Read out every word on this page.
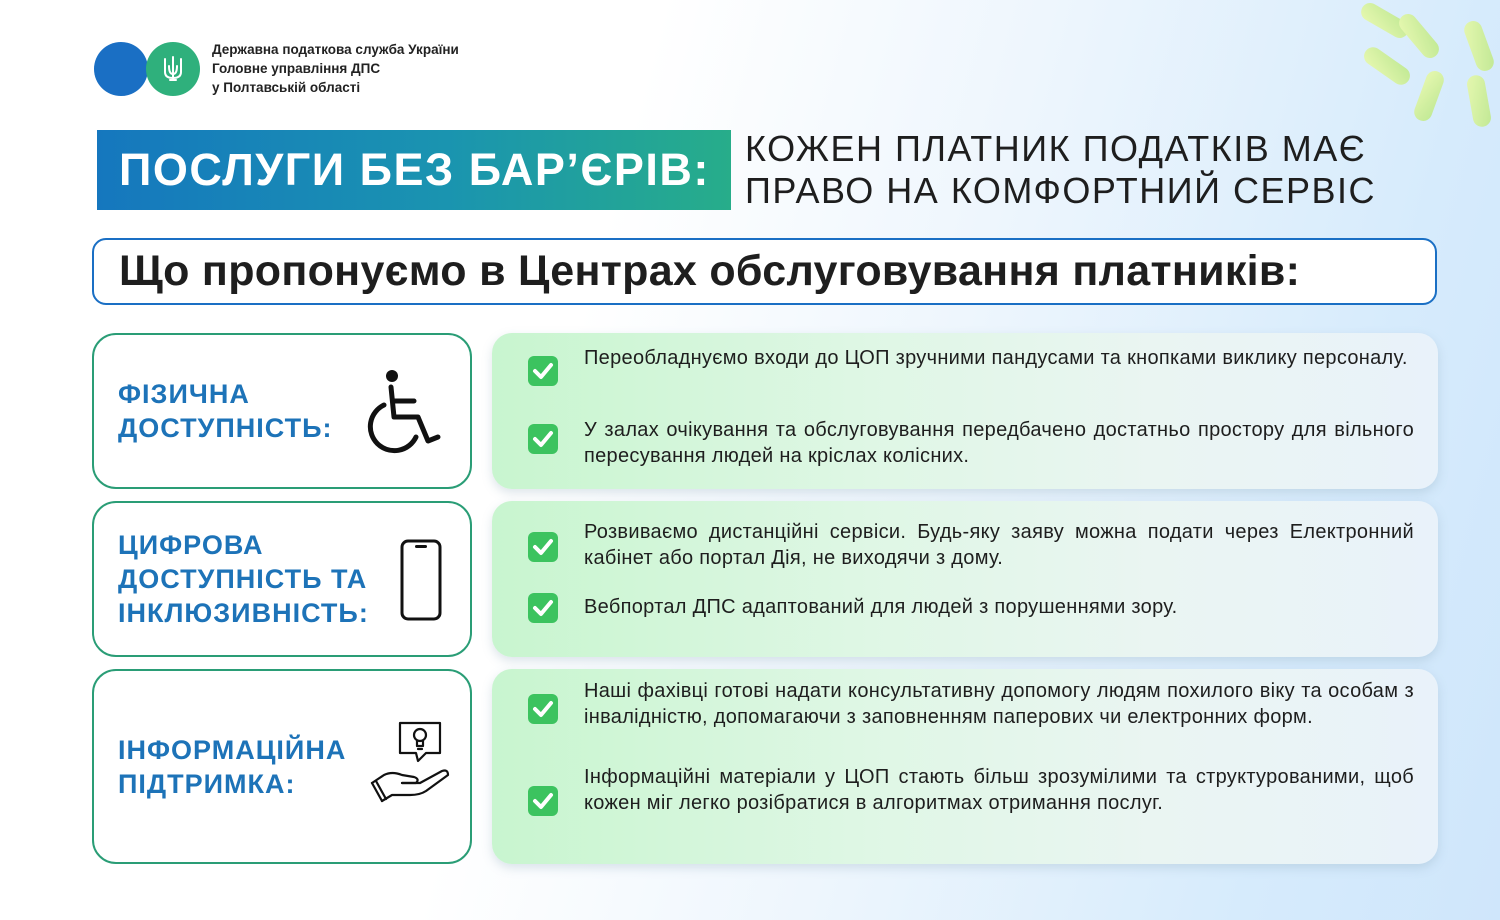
Державна податкова служба України
Головне управління ДПС
у Полтавській області
ПОСЛУГИ БЕЗ БАР’ЄРІВ: КОЖЕН ПЛАТНИК ПОДАТКІВ МАЄ
ПРАВО НА КОМФОРТНИЙ СЕРВІС
Що пропонуємо в Центрах обслуговування платників:
ФІЗИЧНА
ДОСТУПНІСТЬ:

Переобладнуємо входи до ЦОП зручними пандусами та кнопками виклику персоналу.

У залах очікування та обслуговування передбачено достатньо простору для вільного пересування людей на кріслах колісних.

ЦИФРОВА
ДОСТУПНІСТЬ ТА
ІНКЛЮЗИВНІСТЬ:

Розвиваємо дистанційні сервіси. Будь-яку заяву можна подати через Електронний кабінет або портал Дія, не виходячи з дому.

Вебпортал ДПС адаптований для людей з порушеннями зору.

ІНФОРМАЦІЙНА
ПІДТРИМКА:

Наші фахівці готові надати консультативну допомогу людям похилого віку та особам з інвалідністю, допомагаючи з заповненням паперових чи електронних форм.

Інформаційні матеріали у ЦОП стають більш зрозумілими та структурованими, щоб кожен міг легко розібратися в алгоритмах отримання послуг.
